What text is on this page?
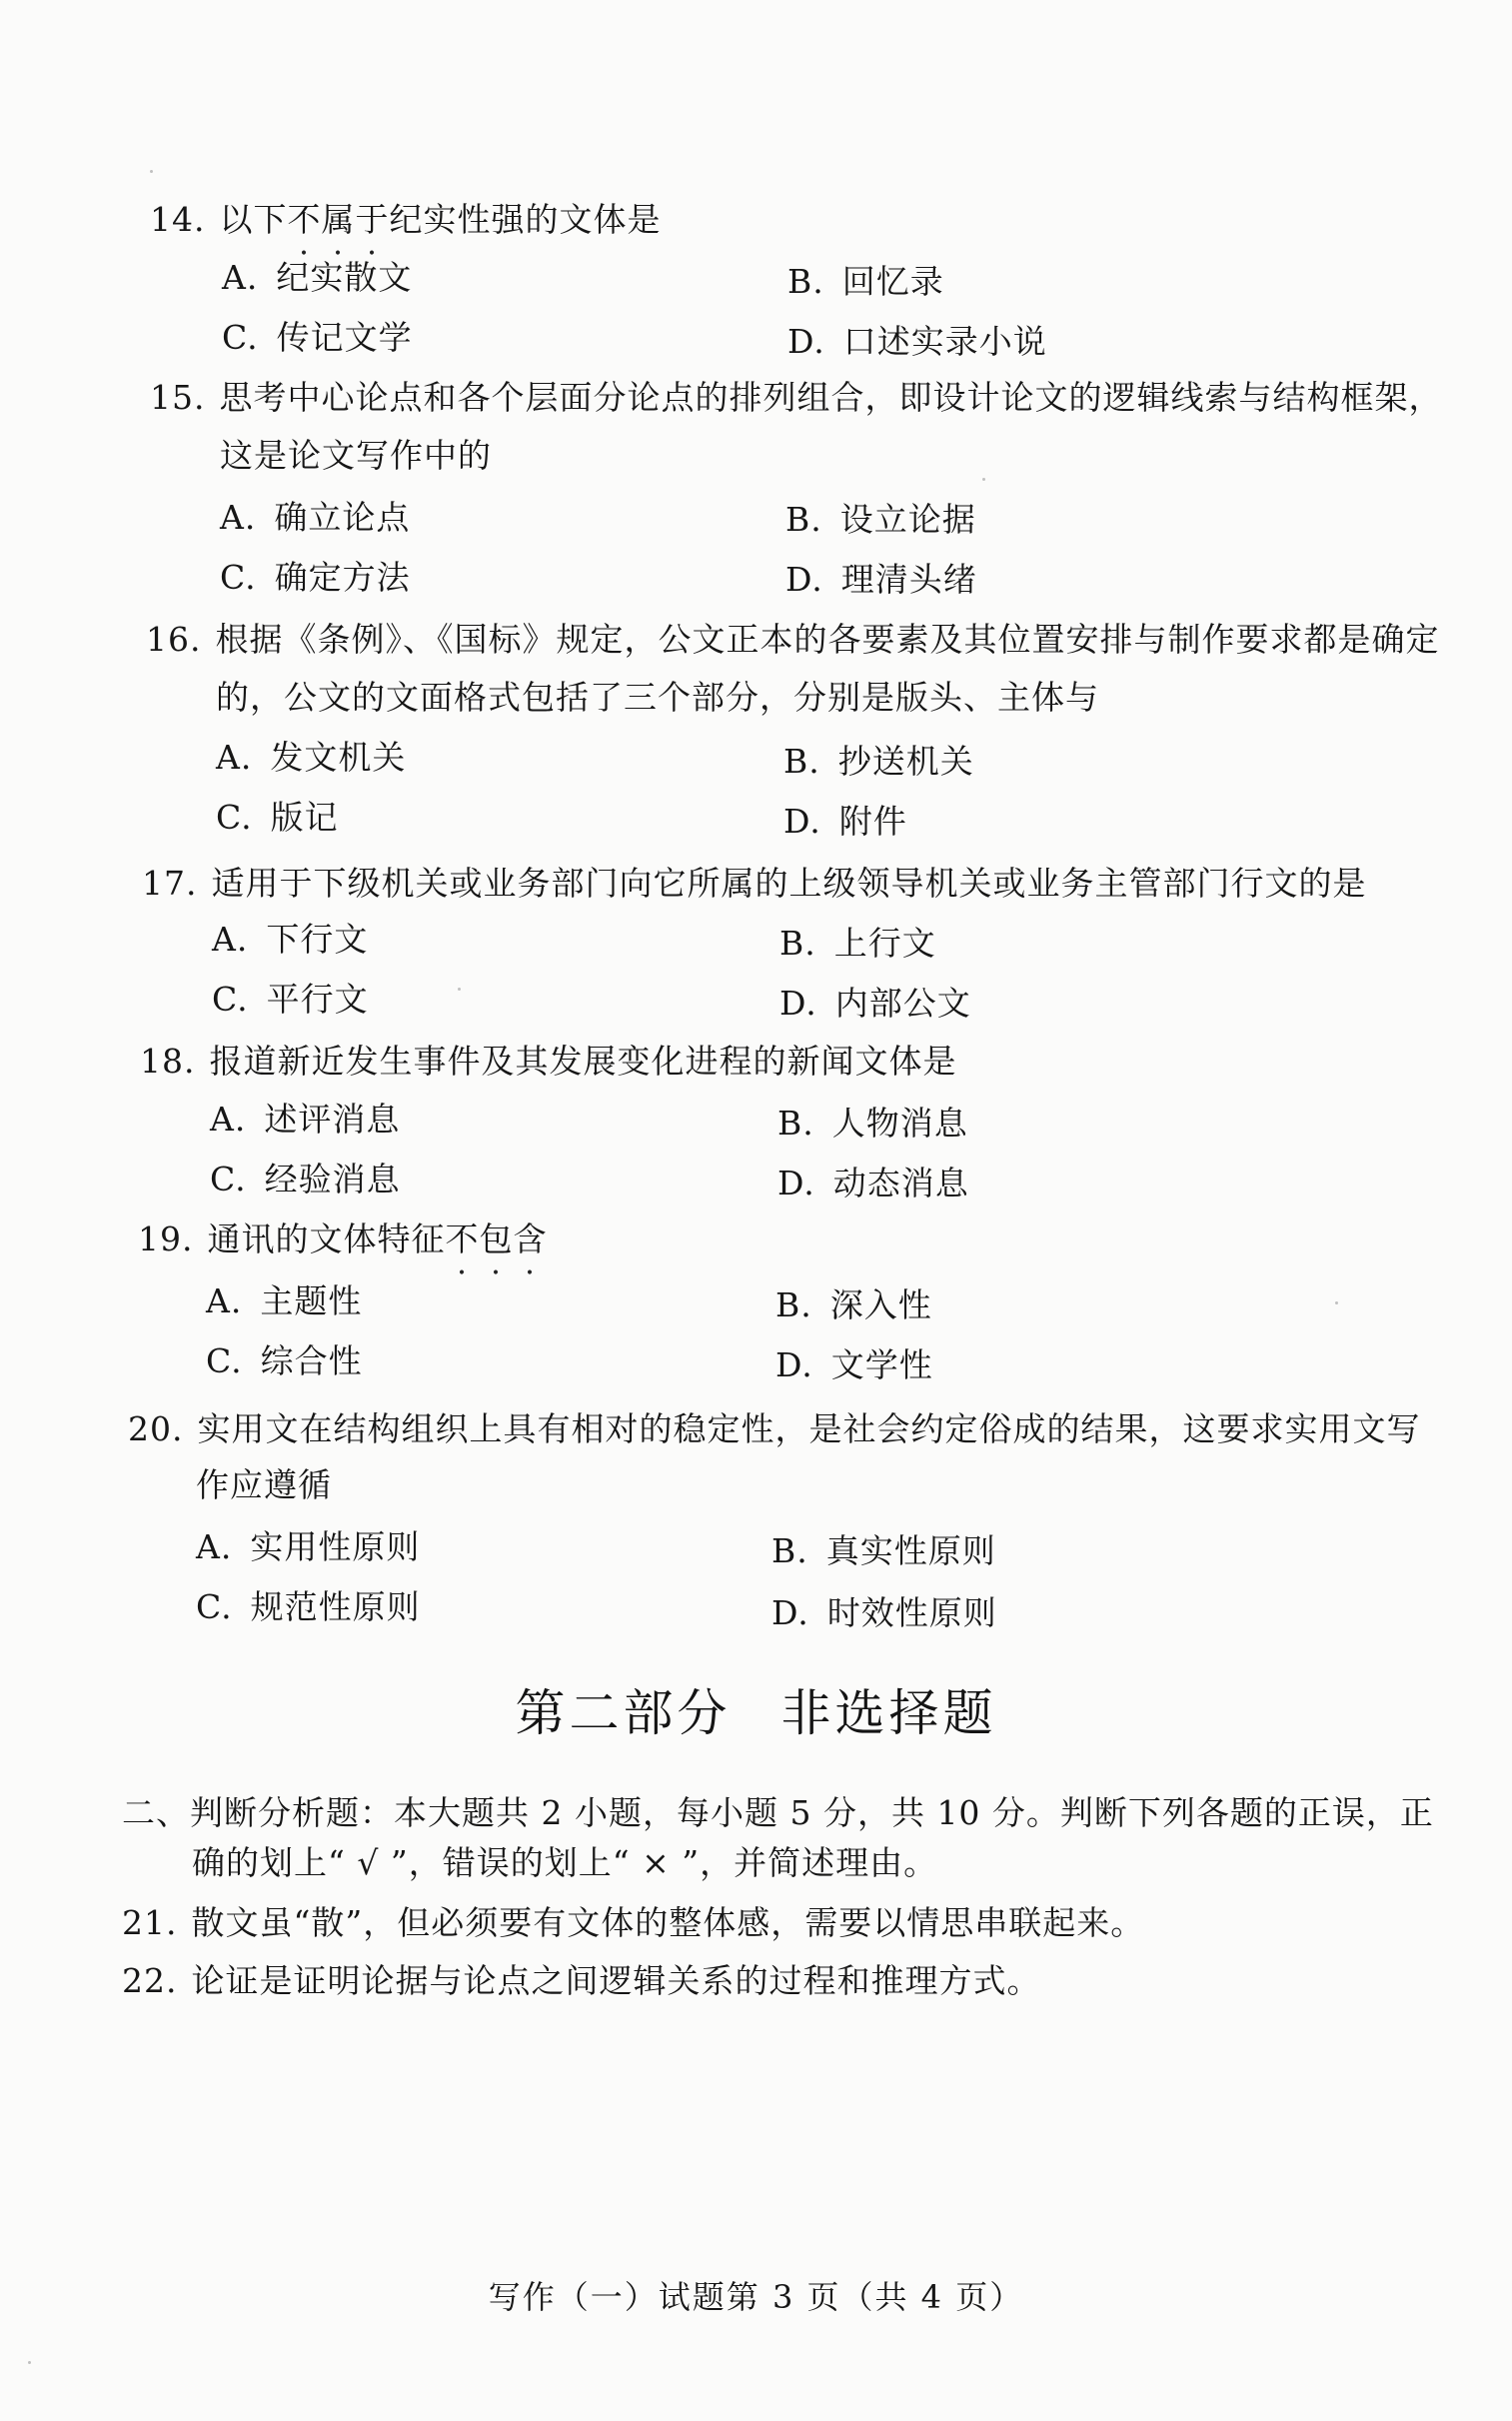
14. 以下不属于纪实性强的文体是
A. 纪实散文	B. 回忆录
C. 传记文学	D. 口述实录小说
15. 思考中心论点和各个层面分论点的排列组合，即设计论文的逻辑线索与结构框架，
这是论文写作中的
A. 确立论点	B. 设立论据
C. 确定方法	D. 理清头绪
16. 根据《条例》、《国标》规定，公文正本的各要素及其位置安排与制作要求都是确定
的，公文的文面格式包括了三个部分，分别是版头、主体与
A. 发文机关	B. 抄送机关
C. 版记	D. 附件
17. 适用于下级机关或业务部门向它所属的上级领导机关或业务主管部门行文的是
A. 下行文	B. 上行文
C. 平行文	D. 内部公文
18. 报道新近发生事件及其发展变化进程的新闻文体是
A. 述评消息	B. 人物消息
C. 经验消息	D. 动态消息
19. 通讯的文体特征不包含
A. 主题性	B. 深入性
C. 综合性	D. 文学性
20. 实用文在结构组织上具有相对的稳定性，是社会约定俗成的结果，这要求实用文写
作应遵循
A. 实用性原则	B. 真实性原则
C. 规范性原则	D. 时效性原则
第二部分 非选择题
二、判断分析题：本大题共 2 小题，每小题 5 分，共 10 分。判断下列各题的正误，正
确的划上“ √ ”，错误的划上“ × ”，并简述理由。
21. 散文虽“散”，但必须要有文体的整体感，需要以情思串联起来。
22. 论证是证明论据与论点之间逻辑关系的过程和推理方式。
写作（一）试题第 3 页（共 4 页）
